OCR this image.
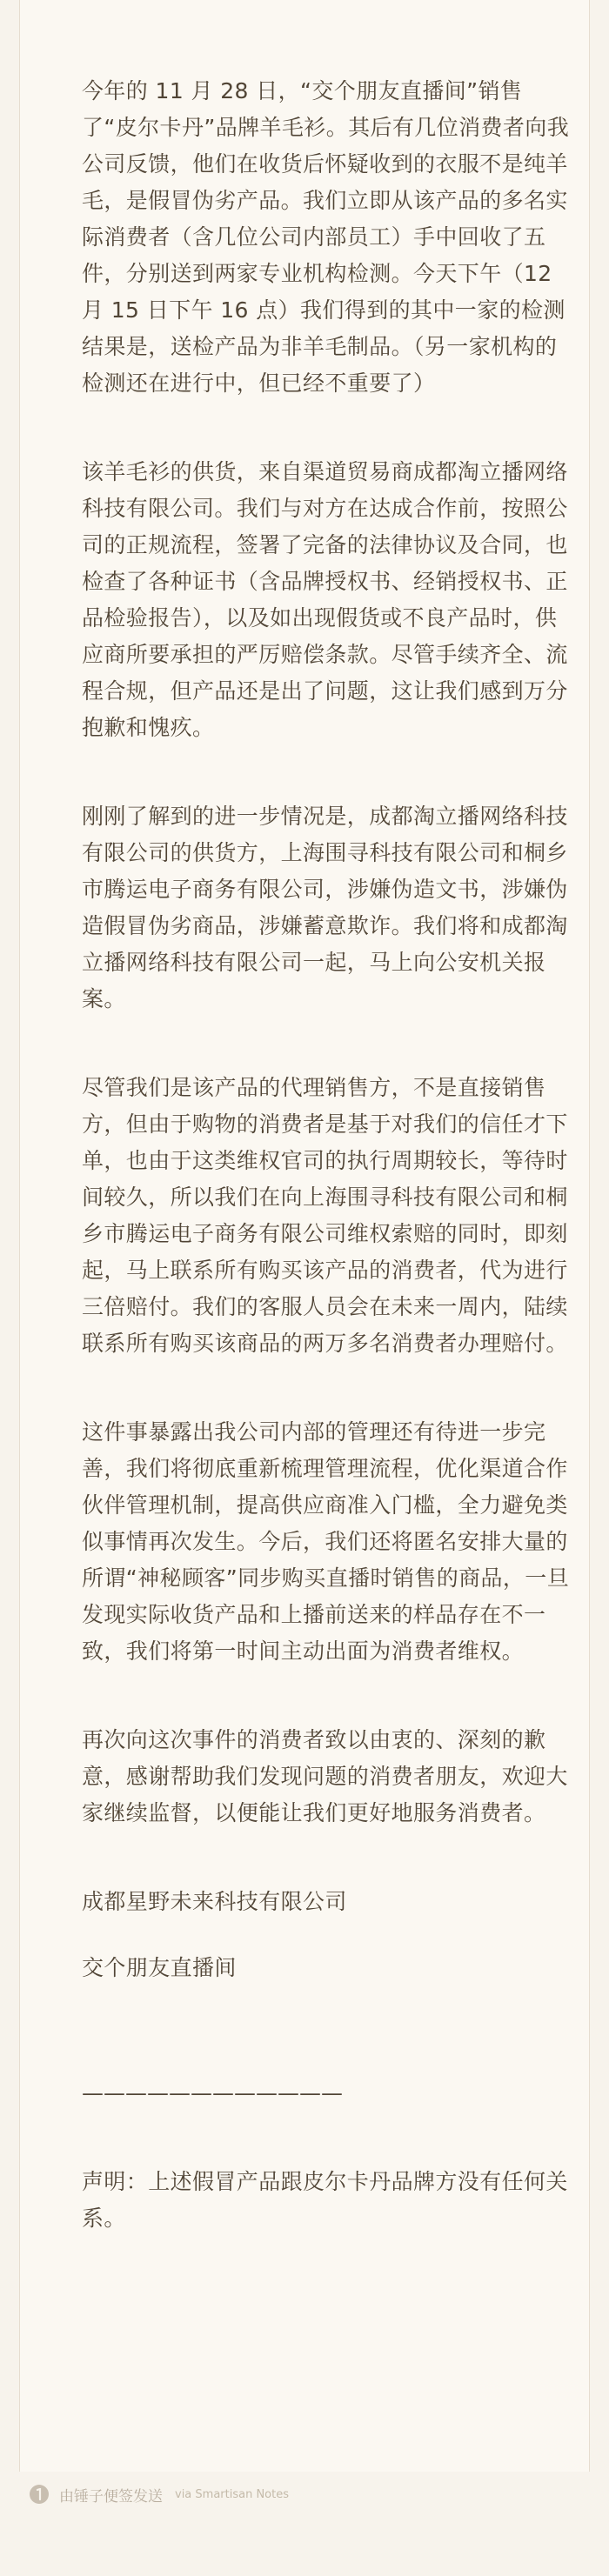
今年的 11 月 28 日，“交个朋友直播间”销售了“皮尔卡丹”品牌羊毛衫。其后有几位消费者向我公司反馈，他们在收货后怀疑收到的衣服不是纯羊毛，是假冒伪劣产品。我们立即从该产品的多名实际消费者（含几位公司内部员工）手中回收了五件，分别送到两家专业机构检测。今天下午（12 月 15 日下午 16 点）我们得到的其中一家的检测结果是，送检产品为非羊毛制品。（另一家机构的检测还在进行中，但已经不重要了）

该羊毛衫的供货，来自渠道贸易商成都淘立播网络科技有限公司。我们与对方在达成合作前，按照公司的正规流程，签署了完备的法律协议及合同，也检查了各种证书（含品牌授权书、经销授权书、正品检验报告），以及如出现假货或不良产品时，供应商所要承担的严厉赔偿条款。尽管手续齐全、流程合规，但产品还是出了问题，这让我们感到万分抱歉和愧疚。

刚刚了解到的进一步情况是，成都淘立播网络科技有限公司的供货方，上海围寻科技有限公司和桐乡市腾运电子商务有限公司，涉嫌伪造文书，涉嫌伪造假冒伪劣商品，涉嫌蓄意欺诈。我们将和成都淘立播网络科技有限公司一起，马上向公安机关报案。

尽管我们是该产品的代理销售方，不是直接销售方，但由于购物的消费者是基于对我们的信任才下单，也由于这类维权官司的执行周期较长，等待时间较久，所以我们在向上海围寻科技有限公司和桐乡市腾运电子商务有限公司维权索赔的同时，即刻起，马上联系所有购买该产品的消费者，代为进行三倍赔付。我们的客服人员会在未来一周内，陆续联系所有购买该商品的两万多名消费者办理赔付。

这件事暴露出我公司内部的管理还有待进一步完善，我们将彻底重新梳理管理流程，优化渠道合作伙伴管理机制，提高供应商准入门槛，全力避免类似事情再次发生。今后，我们还将匿名安排大量的所谓“神秘顾客”同步购买直播时销售的商品，一旦发现实际收货产品和上播前送来的样品存在不一致，我们将第一时间主动出面为消费者维权。

再次向这次事件的消费者致以由衷的、深刻的歉意，感谢帮助我们发现问题的消费者朋友，欢迎大家继续监督，以便能让我们更好地服务消费者。

成都星野未来科技有限公司

交个朋友直播间

————————————

声明：上述假冒产品跟皮尔卡丹品牌方没有任何关系。

由锤子便签发送 via Smartisan Notes
